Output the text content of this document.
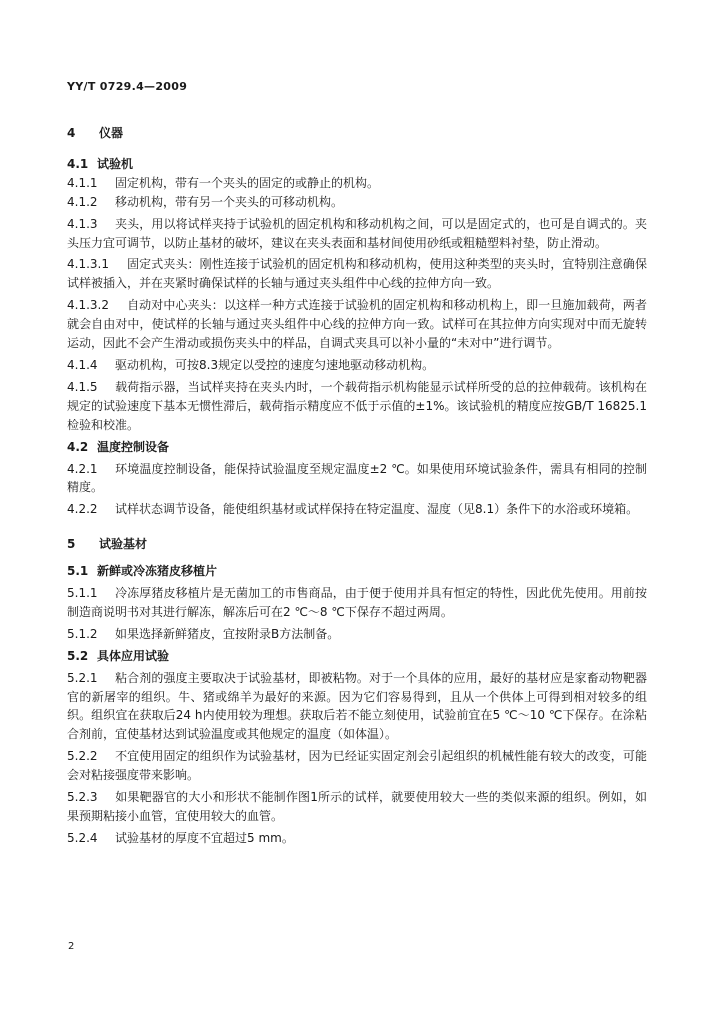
YY/T 0729.4—2009

4 仪器

4.1 试验机

4.1.1 固定机构，带有一个夹头的固定的或静止的机构。

4.1.2 移动机构，带有另一个夹头的可移动机构。

4.1.3 夹头，用以将试样夹持于试验机的固定机构和移动机构之间，可以是固定式的，也可是自调式的。夹头压力宜可调节，以防止基材的破坏，建议在夹头表面和基材间使用砂纸或粗糙塑料衬垫，防止滑动。

4.1.3.1 固定式夹头：刚性连接于试验机的固定机构和移动机构，使用这种类型的夹头时，宜特别注意确保试样被插入，并在夹紧时确保试样的长轴与通过夹头组件中心线的拉伸方向一致。

4.1.3.2 自动对中心夹头：以这样一种方式连接于试验机的固定机构和移动机构上，即一旦施加载荷，两者就会自由对中，使试样的长轴与通过夹头组件中心线的拉伸方向一致。试样可在其拉伸方向实现对中而无旋转运动，因此不会产生滑动或损伤夹头中的样品，自调式夹具可以补小量的“未对中”进行调节。

4.1.4 驱动机构，可按8.3规定以受控的速度匀速地驱动移动机构。

4.1.5 载荷指示器，当试样夹持在夹头内时，一个载荷指示机构能显示试样所受的总的拉伸载荷。该机构在规定的试验速度下基本无惯性滞后，载荷指示精度应不低于示值的±1%。该试验机的精度应按GB/T 16825.1检验和校准。

4.2 温度控制设备

4.2.1 环境温度控制设备，能保持试验温度至规定温度±2 ℃。如果使用环境试验条件，需具有相同的控制精度。

4.2.2 试样状态调节设备，能使组织基材或试样保持在特定温度、湿度（见8.1）条件下的水浴或环境箱。

5 试验基材

5.1 新鲜或冷冻猪皮移植片

5.1.1 冷冻厚猪皮移植片是无菌加工的市售商品，由于便于使用并具有恒定的特性，因此优先使用。用前按制造商说明书对其进行解冻，解冻后可在2 ℃～8 ℃下保存不超过两周。

5.1.2 如果选择新鲜猪皮，宜按附录B方法制备。

5.2 具体应用试验

5.2.1 粘合剂的强度主要取决于试验基材，即被粘物。对于一个具体的应用，最好的基材应是家畜动物靶器官的新屠宰的组织。牛、猪或绵羊为最好的来源。因为它们容易得到，且从一个供体上可得到相对较多的组织。组织宜在获取后24 h内使用较为理想。获取后若不能立刻使用，试验前宜在5 ℃～10 ℃下保存。在涂粘合剂前，宜使基材达到试验温度或其他规定的温度（如体温）。

5.2.2 不宜使用固定的组织作为试验基材，因为已经证实固定剂会引起组织的机械性能有较大的改变，可能会对粘接强度带来影响。

5.2.3 如果靶器官的大小和形状不能制作图1所示的试样，就要使用较大一些的类似来源的组织。例如，如果预期粘接小血管，宜使用较大的血管。

5.2.4 试验基材的厚度不宜超过5 mm。

2
